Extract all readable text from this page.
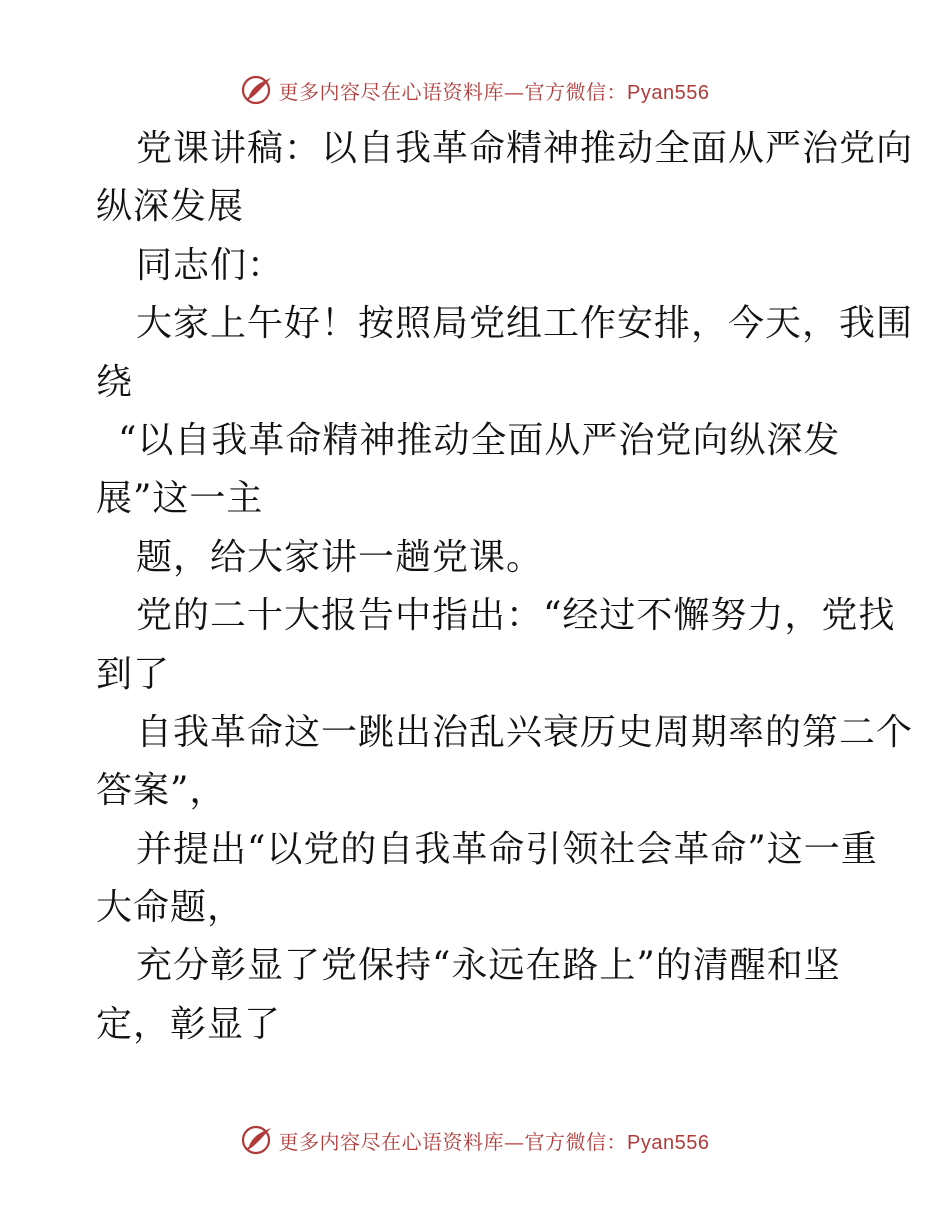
更多内容尽在心语资料库—官方微信：Pyan556
党课讲稿：以自我革命精神推动全面从严治党向
纵深发展
同志们：
大家上午好！按照局党组工作安排，今天，我围
绕
“以自我革命精神推动全面从严治党向纵深发
展”这一主
题，给大家讲一趟党课。
党的二十大报告中指出：“经过不懈努力，党找
到了
自我革命这一跳出治乱兴衰历史周期率的第二个
答案”，
并提出“以党的自我革命引领社会革命”这一重
大命题，
充分彰显了党保持“永远在路上”的清醒和坚
定，彰显了
更多内容尽在心语资料库—官方微信：Pyan556
